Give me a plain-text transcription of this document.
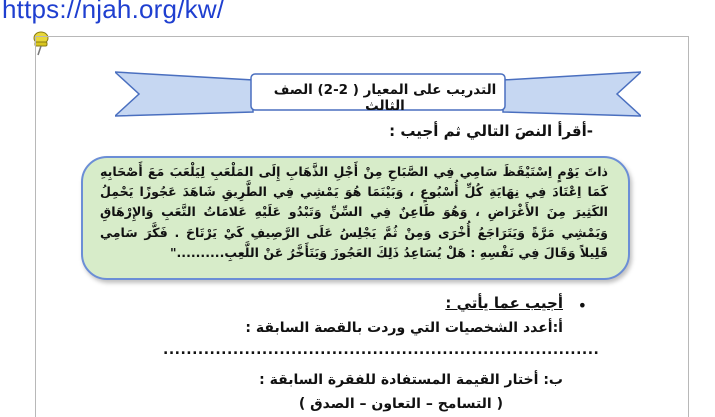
https://njah.org/kw/
التدريب على المعيار ( 2-2) الصف الثالث
-أقرأ النصَ التالي ثم أجيب :
ذاتَ يَوْمٍ اِسْتَيْقَظَ سَامِي فِي الصَّبَاحِ مِنْ أَجْلِ الذَّهَابِ إِلَى المَلْعَبِ لِيَلْعَبَ مَعَ أَصْحَابِهِ كَمَا اِعْتَادَ فِي نِهَايَةِ كُلِّ أُسْبُوعٍ ، وَبَيْنَمَا هُوَ يَمْشِي فِي الطَّرِيقِ شَاهَدَ عَجُوزًا يَحْمِلُ الكَثِيرَ مِنَ الأَغْرَاضِ ، وَهُوَ طَاعِنٌ فِي السِّنِّ وَتَبْدُو عَلَيْهِ عَلامَاتُ التَّعَبِ وَالإِرْهَاقِ وَيَمْشِي مَرَّةً وَيَتَرَاجَعُ أُخْرَى وَمِنْ ثُمَّ يَجْلِسُ عَلَى الرَّصِيفِ كَيْ يَرْتَاحَ . فَكَّرَ سَامِي قَلِيلاً وَقَالَ فِي نَفْسِهِ : هَلْ يُسَاعِدُ ذَلِكَ العَجُوزَ وَيَتَأَخَّرُ عَنْ اللَّعِبِ.........."
•
أجيب عما يأتي :
أ:أعدد الشخصيات التي وردت بالقصة السابقة :
...........................................................................
ب: أختار القيمة المستفادة للفقرة السابقة :
( التسامح – التعاون – الصدق )
